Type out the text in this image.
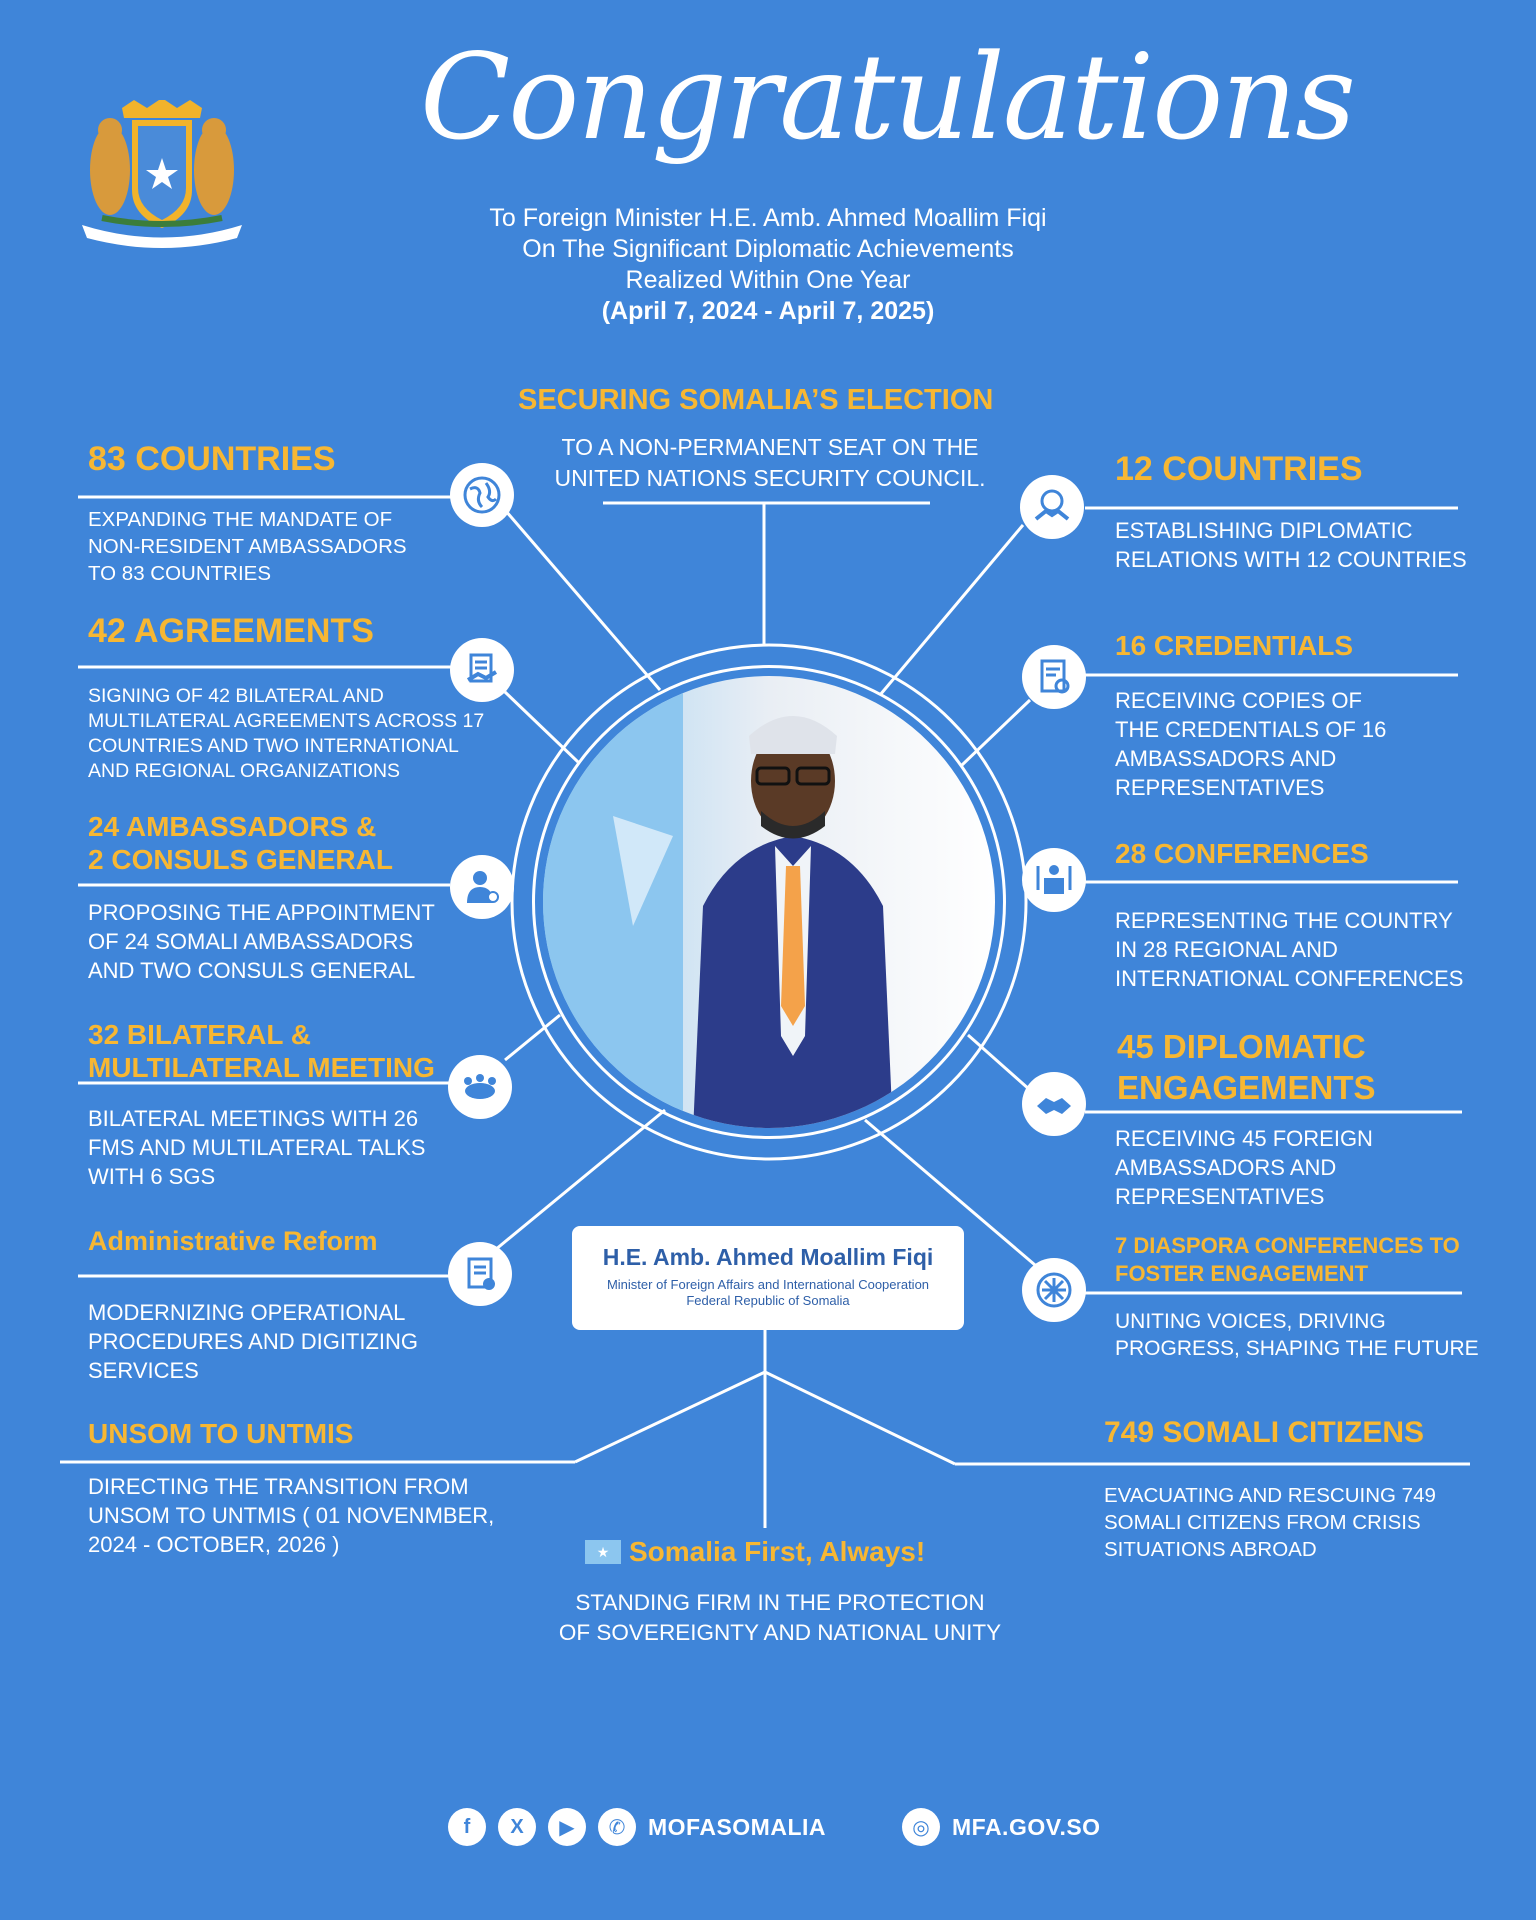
Congratulations
To Foreign Minister H.E. Amb. Ahmed Moallim Fiqi
On The Significant Diplomatic Achievements
Realized Within One Year
(April 7, 2024 - April 7, 2025)
SECURING SOMALIA’S ELECTION
TO A NON-PERMANENT SEAT ON THE
UNITED NATIONS SECURITY COUNCIL.
83 COUNTRIES
EXPANDING THE MANDATE OF
NON-RESIDENT AMBASSADORS
TO 83 COUNTRIES
42 AGREEMENTS
SIGNING OF 42 BILATERAL AND
MULTILATERAL AGREEMENTS ACROSS 17
COUNTRIES AND TWO INTERNATIONAL
AND REGIONAL ORGANIZATIONS
24 AMBASSADORS &
2 CONSULS GENERAL
PROPOSING THE APPOINTMENT
OF 24 SOMALI AMBASSADORS
AND TWO CONSULS GENERAL
32 BILATERAL &
MULTILATERAL MEETING
BILATERAL MEETINGS WITH 26
FMS AND MULTILATERAL TALKS
WITH 6 SGS
Administrative Reform
MODERNIZING OPERATIONAL
PROCEDURES AND DIGITIZING
SERVICES
UNSOM TO UNTMIS
DIRECTING THE TRANSITION FROM
UNSOM TO UNTMIS ( 01 NOVENMBER,
2024 - OCTOBER, 2026 )
12 COUNTRIES
ESTABLISHING DIPLOMATIC
RELATIONS WITH 12 COUNTRIES
16 CREDENTIALS
RECEIVING COPIES OF
THE CREDENTIALS OF 16
AMBASSADORS AND
REPRESENTATIVES
28 CONFERENCES
REPRESENTING THE COUNTRY
IN 28 REGIONAL AND
INTERNATIONAL CONFERENCES
45 DIPLOMATIC
ENGAGEMENTS
RECEIVING 45 FOREIGN
AMBASSADORS AND
REPRESENTATIVES
7 DIASPORA CONFERENCES TO
FOSTER ENGAGEMENT
UNITING VOICES, DRIVING
PROGRESS, SHAPING THE FUTURE
749 SOMALI CITIZENS
EVACUATING AND RESCUING 749
SOMALI CITIZENS FROM CRISIS
SITUATIONS ABROAD
H.E. Amb. Ahmed Moallim Fiqi
Minister of Foreign Affairs and International Cooperation
Federal Republic of Somalia
★ Somalia First, Always!
STANDING FIRM IN THE PROTECTION
OF SOVEREIGNTY AND NATIONAL UNITY
f	X	▶	✆ MOFASOMALIA	◎ MFA.GOV.SO
